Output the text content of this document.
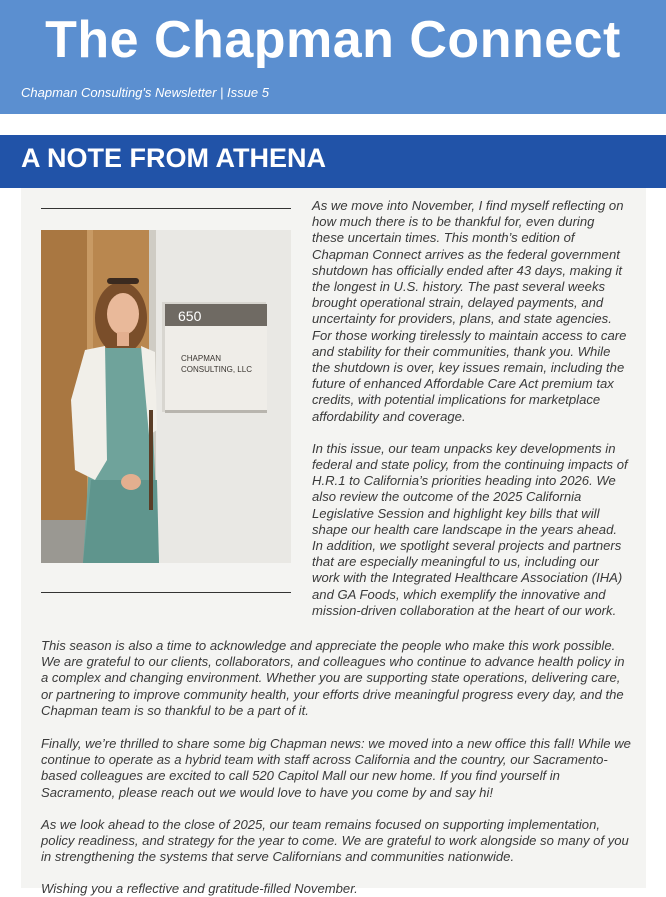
The Chapman Connect
Chapman Consulting's Newsletter | Issue 5
A NOTE FROM ATHENA
650
CHAPMAN
CONSULTING, LLC

As we move into November, I find myself reflecting on how much there is to be thankful for, even during these uncertain times. This month’s edition of Chapman Connect arrives as the federal government shutdown has officially ended after 43 days, making it the longest in U.S. history. The past several weeks brought operational strain, delayed payments, and uncertainty for providers, plans, and state agencies. For those working tirelessly to maintain access to care and stability for their communities, thank you. While the shutdown is over, key issues remain, including the future of enhanced Affordable Care Act premium tax credits, with potential implications for marketplace affordability and coverage.

In this issue, our team unpacks key developments in federal and state policy, from the continuing impacts of H.R.1 to California’s priorities heading into 2026. We also review the outcome of the 2025 California Legislative Session and highlight key bills that will shape our health care landscape in the years ahead. In addition, we spotlight several projects and partners that are especially meaningful to us, including our work with the Integrated Healthcare Association (IHA) and GA Foods, which exemplify the innovative and mission-driven collaboration at the heart of our work.

This season is also a time to acknowledge and appreciate the people who make this work possible. We are grateful to our clients, collaborators, and colleagues who continue to advance health policy in a complex and changing environment. Whether you are supporting state operations, delivering care, or partnering to improve community health, your efforts drive meaningful progress every day, and the Chapman team is so thankful to be a part of it.

Finally, we’re thrilled to share some big Chapman news: we moved into a new office this fall! While we continue to operate as a hybrid team with staff across California and the country, our Sacramento-based colleagues are excited to call 520 Capitol Mall our new home. If you find yourself in Sacramento, please reach out we would love to have you come by and say hi!

As we look ahead to the close of 2025, our team remains focused on supporting implementation, policy readiness, and strategy for the year to come. We are grateful to work alongside so many of you in strengthening the systems that serve Californians and communities nationwide.

Wishing you a reflective and gratitude-filled November.
